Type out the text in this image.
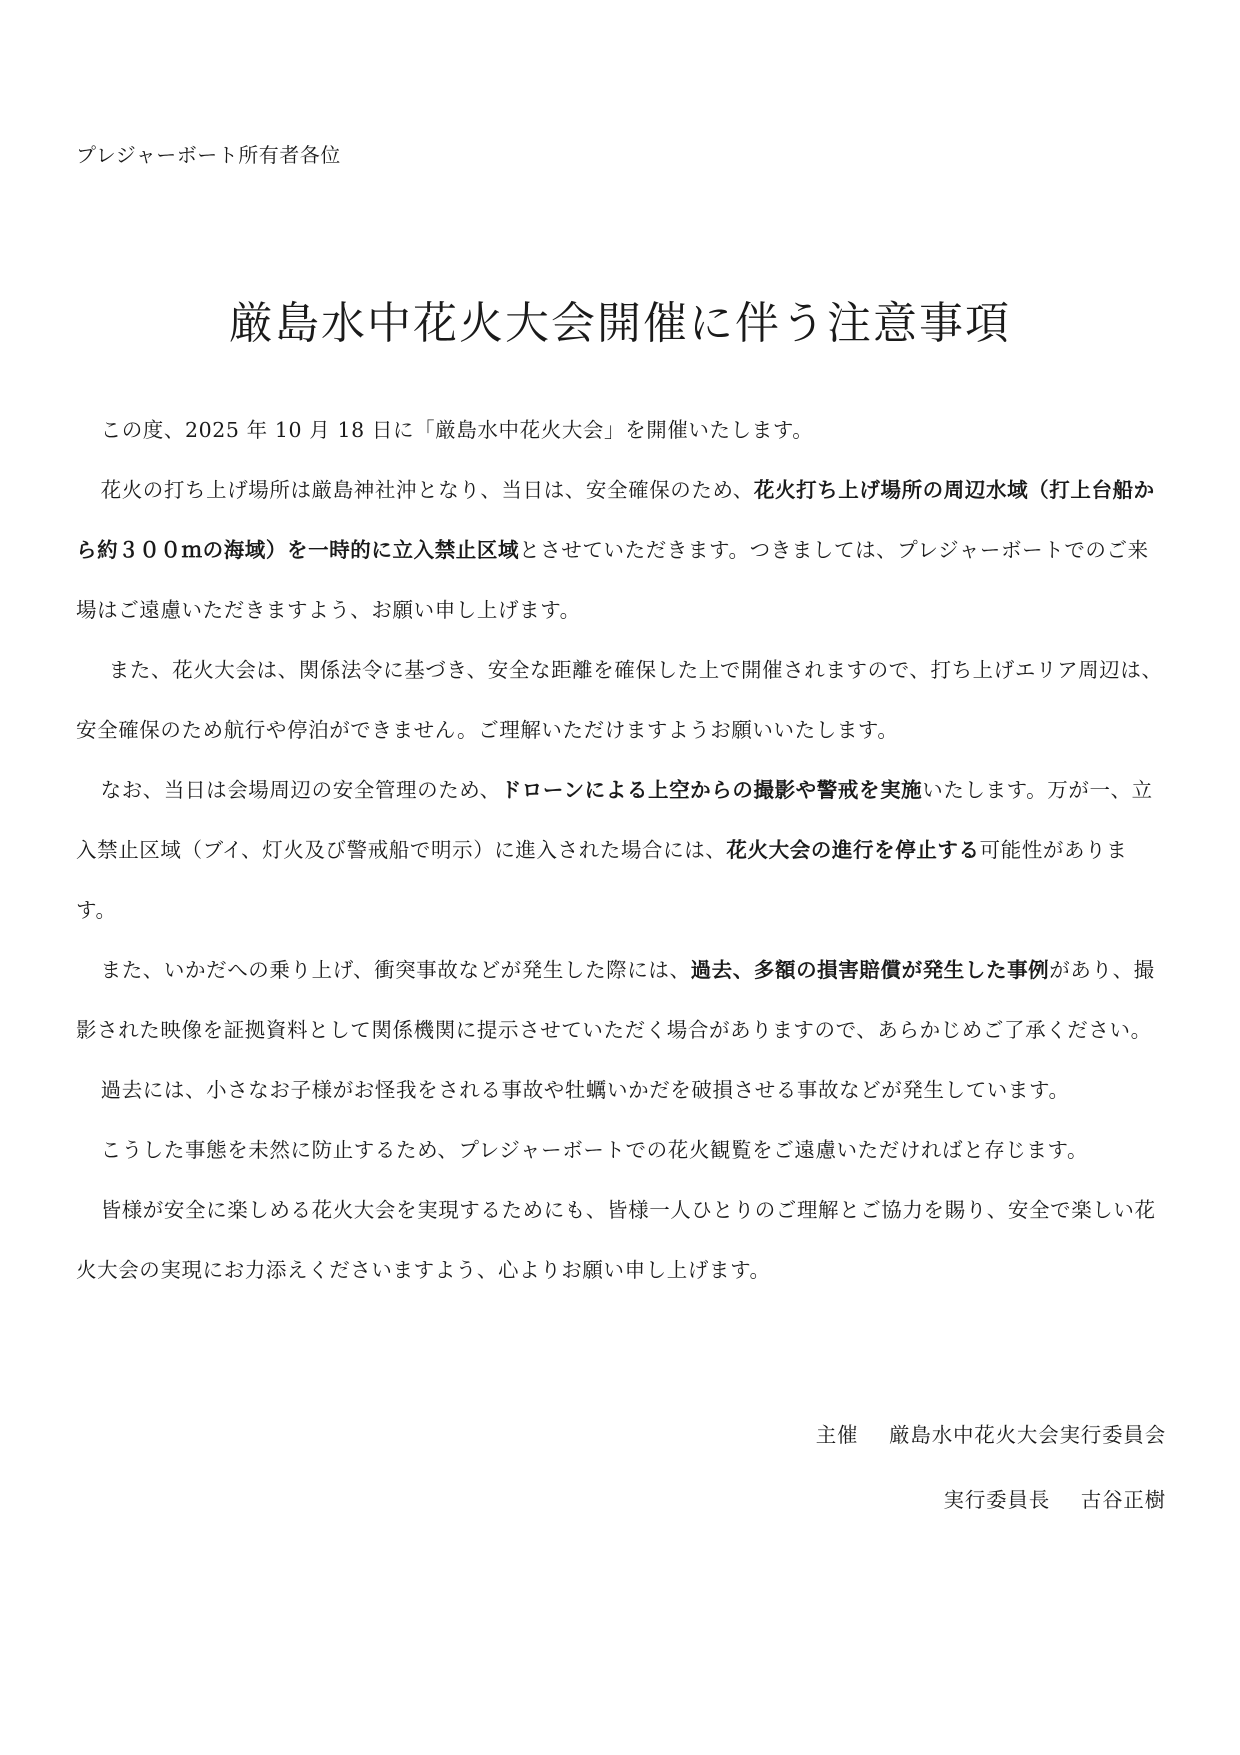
プレジャーボート所有者各位
厳島水中花火大会開催に伴う注意事項

この度、2025 年 10 月 18 日に「厳島水中花火大会」を開催いたします。

花火の打ち上げ場所は厳島神社沖となり、当日は、安全確保のため、花火打ち上げ場所の周辺水域（打上台船から約３００ｍの海域）を一時的に立入禁止区域とさせていただきます。つきましては、プレジャーボートでのご来場はご遠慮いただきますよう、お願い申し上げます。

また、花火大会は、関係法令に基づき、安全な距離を確保した上で開催されますので、打ち上げエリア周辺は、安全確保のため航行や停泊ができません。ご理解いただけますようお願いいたします。

なお、当日は会場周辺の安全管理のため、ドローンによる上空からの撮影や警戒を実施いたします。万が一、立入禁止区域（ブイ、灯火及び警戒船で明示）に進入された場合には、花火大会の進行を停止する可能性があります。

また、いかだへの乗り上げ、衝突事故などが発生した際には、過去、多額の損害賠償が発生した事例があり、撮影された映像を証拠資料として関係機関に提示させていただく場合がありますので、あらかじめご了承ください。

過去には、小さなお子様がお怪我をされる事故や牡蠣いかだを破損させる事故などが発生しています。

こうした事態を未然に防止するため、プレジャーボートでの花火観覧をご遠慮いただければと存じます。

皆様が安全に楽しめる花火大会を実現するためにも、皆様一人ひとりのご理解とご協力を賜り、安全で楽しい花火大会の実現にお力添えくださいますよう、心よりお願い申し上げます。

主催 厳島水中花火大会実行委員会
実行委員長 古谷正樹
